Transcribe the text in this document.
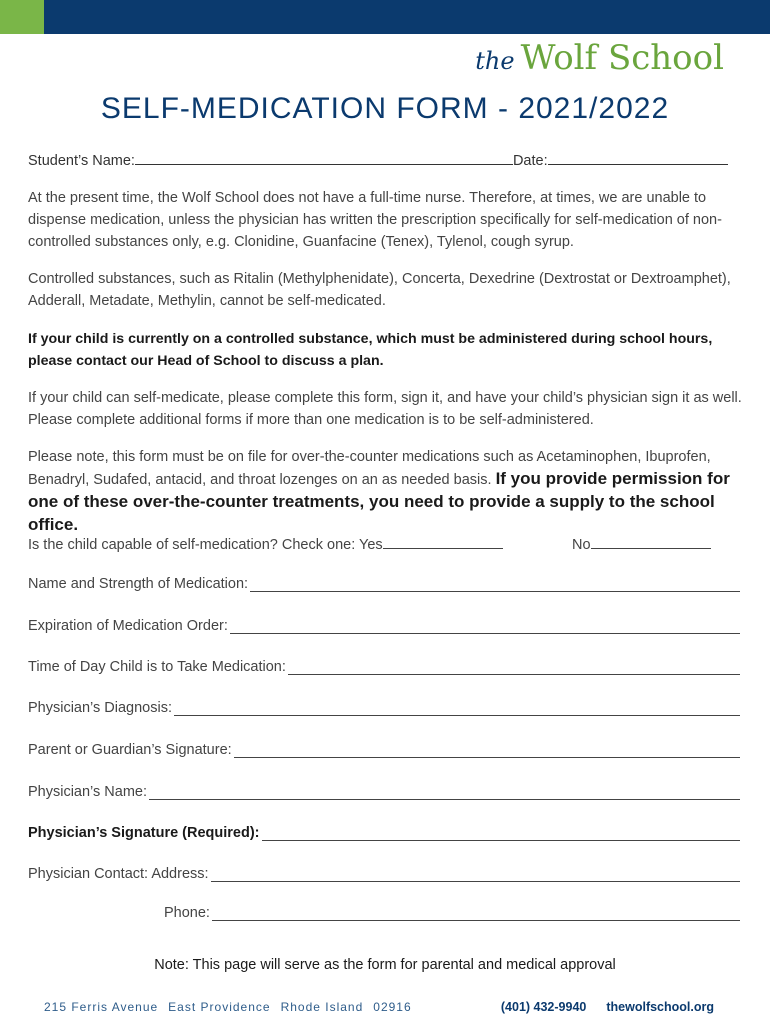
the Wolf School
SELF-MEDICATION FORM - 2021/2022
Student’s Name:	Date:

At the present time, the Wolf School does not have a full-time nurse. Therefore, at times, we are unable to dispense medication, unless the physician has written the prescription specifically for self-medication of non-controlled substances only, e.g. Clonidine, Guanfacine (Tenex), Tylenol, cough syrup.

Controlled substances, such as Ritalin (Methylphenidate), Concerta, Dexedrine (Dextrostat or Dextroamphet), Adderall, Metadate, Methylin, cannot be self-medicated.

If your child is currently on a controlled substance, which must be administered during school hours, please contact our Head of School to discuss a plan.

If your child can self-medicate, please complete this form, sign it, and have your child’s physician sign it as well. Please complete additional forms if more than one medication is to be self-administered.

Please note, this form must be on file for over-the-counter medications such as Acetaminophen, Ibuprofen, Benadryl, Sudafed, antacid, and throat lozenges on an as needed basis. If you provide permission for one of these over-the-counter treatments, you need to provide a supply to the school office.

Is the child capable of self-medication? Check one: Yes	No
Name and Strength of Medication:
Expiration of Medication Order:
Time of Day Child is to Take Medication:
Physician’s Diagnosis:
Parent or Guardian’s Signature:
Physician’s Name:
Physician’s Signature (Required):
Physician Contact: Address:
Phone:
Note: This page will serve as the form for parental and medical approval
215 Ferris Avenue East Providence Rhode Island 02916	(401) 432-9940 thewolfschool.org
